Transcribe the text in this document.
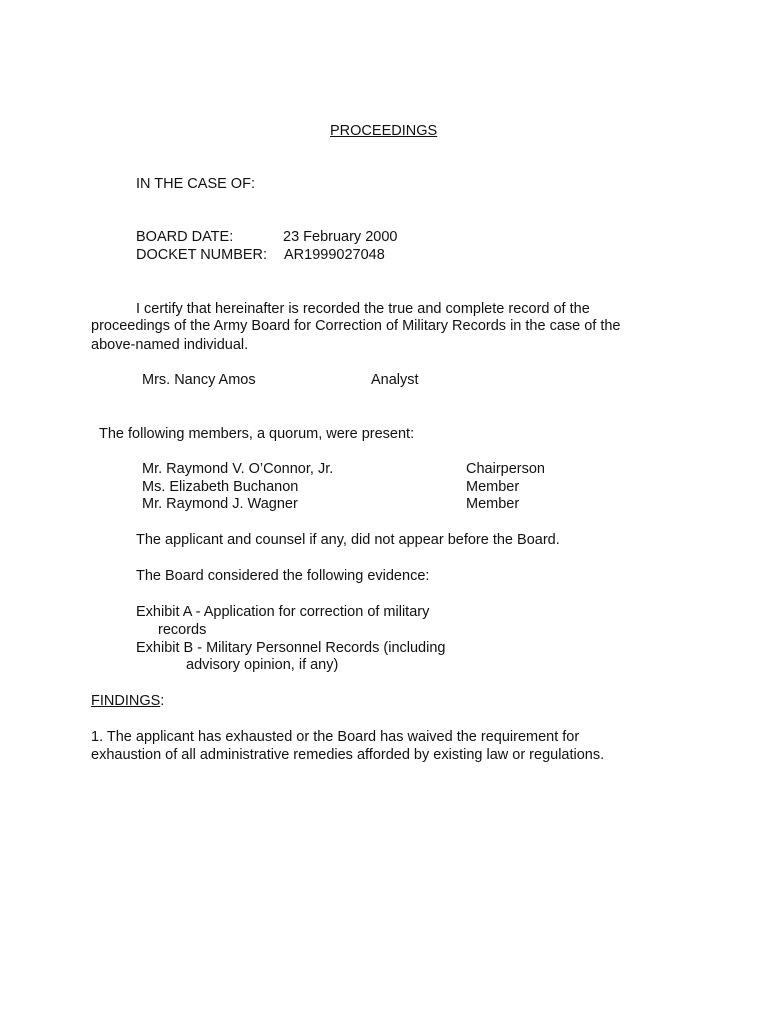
PROCEEDINGS
IN THE CASE OF:
BOARD DATE:	23 February 2000
DOCKET NUMBER: AR1999027048
I certify that hereinafter is recorded the true and complete record of the
proceedings of the Army Board for Correction of Military Records in the case of the
above-named individual.
Mrs. Nancy Amos	Analyst
The following members, a quorum, were present:
Mr. Raymond V. O’Connor, Jr.	Chairperson
Ms. Elizabeth Buchanon	Member
Mr. Raymond J. Wagner	Member
The applicant and counsel if any, did not appear before the Board.
The Board considered the following evidence:
Exhibit A - Application for correction of military
records
Exhibit B - Military Personnel Records (including
advisory opinion, if any)
FINDINGS:
1. The applicant has exhausted or the Board has waived the requirement for
exhaustion of all administrative remedies afforded by existing law or regulations.
